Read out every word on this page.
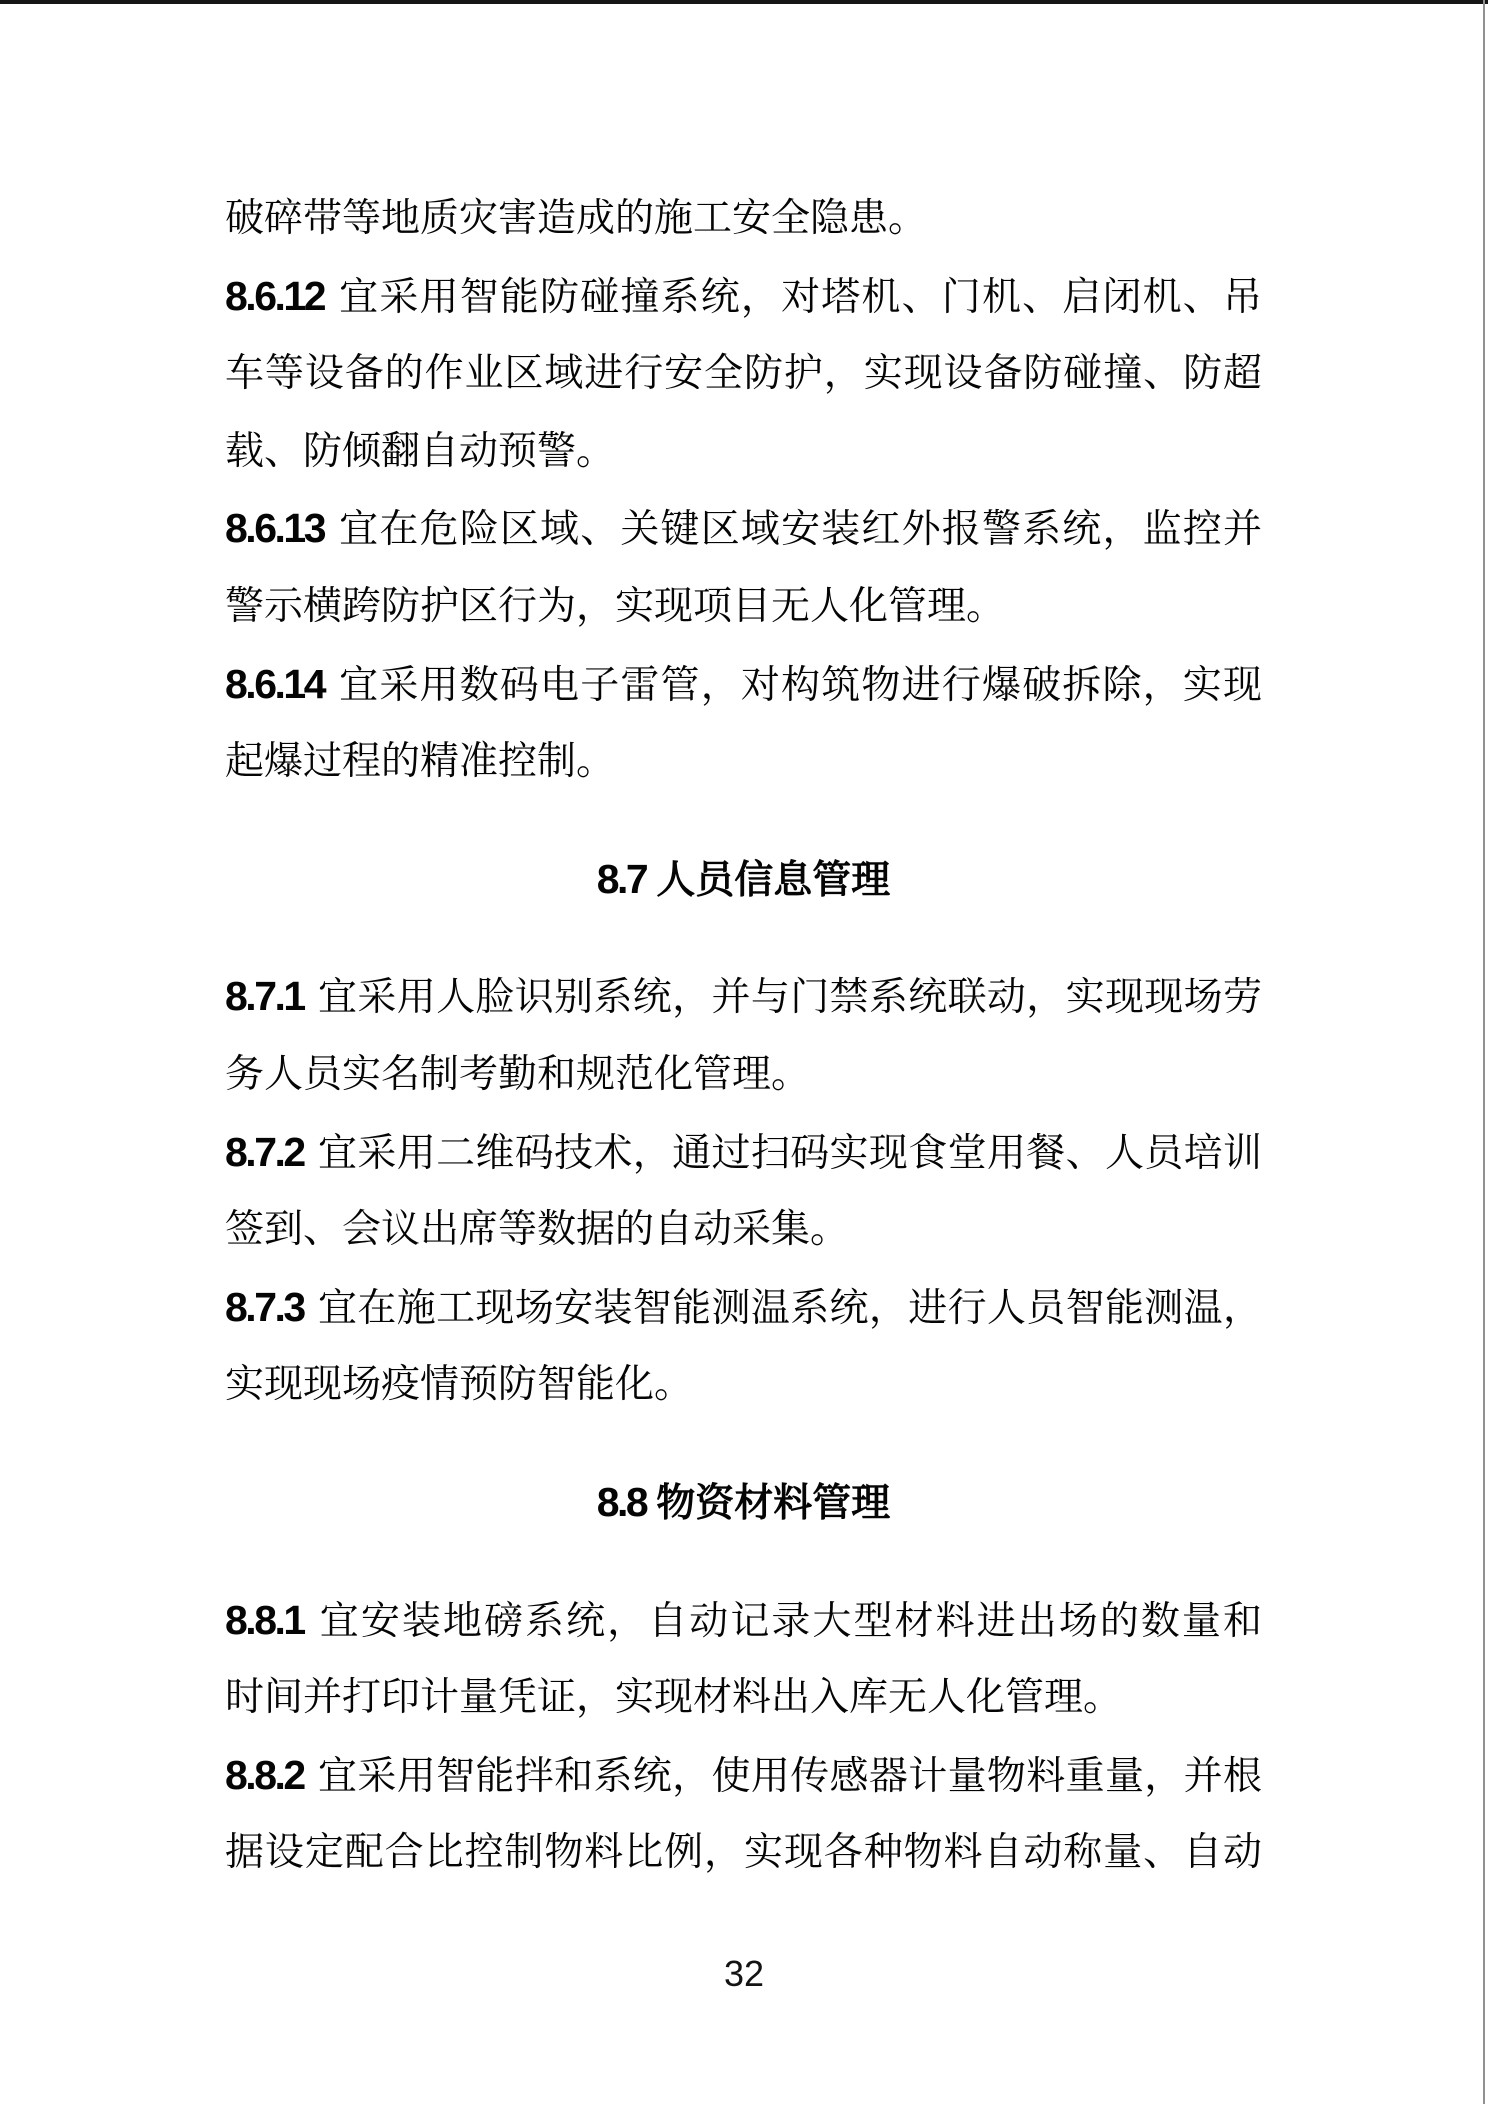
破碎带等地质灾害造成的施工安全隐患。
8.6.12 宜采用智能防碰撞系统，对塔机、门机、启闭机、吊
车等设备的作业区域进行安全防护，实现设备防碰撞、防超
载、防倾翻自动预警。
8.6.13 宜在危险区域、关键区域安装红外报警系统，监控并
警示横跨防护区行为，实现项目无人化管理。
8.6.14 宜采用数码电子雷管，对构筑物进行爆破拆除，实现
起爆过程的精准控制。
8.7 人员信息管理
8.7.1 宜采用人脸识别系统，并与门禁系统联动，实现现场劳
务人员实名制考勤和规范化管理。
8.7.2 宜采用二维码技术，通过扫码实现食堂用餐、人员培训
签到、会议出席等数据的自动采集。
8.7.3 宜在施工现场安装智能测温系统，进行人员智能测温，
实现现场疫情预防智能化。
8.8 物资材料管理
8.8.1 宜安装地磅系统，自动记录大型材料进出场的数量和
时间并打印计量凭证，实现材料出入库无人化管理。
8.8.2 宜采用智能拌和系统，使用传感器计量物料重量，并根
据设定配合比控制物料比例，实现各种物料自动称量、自动
32
